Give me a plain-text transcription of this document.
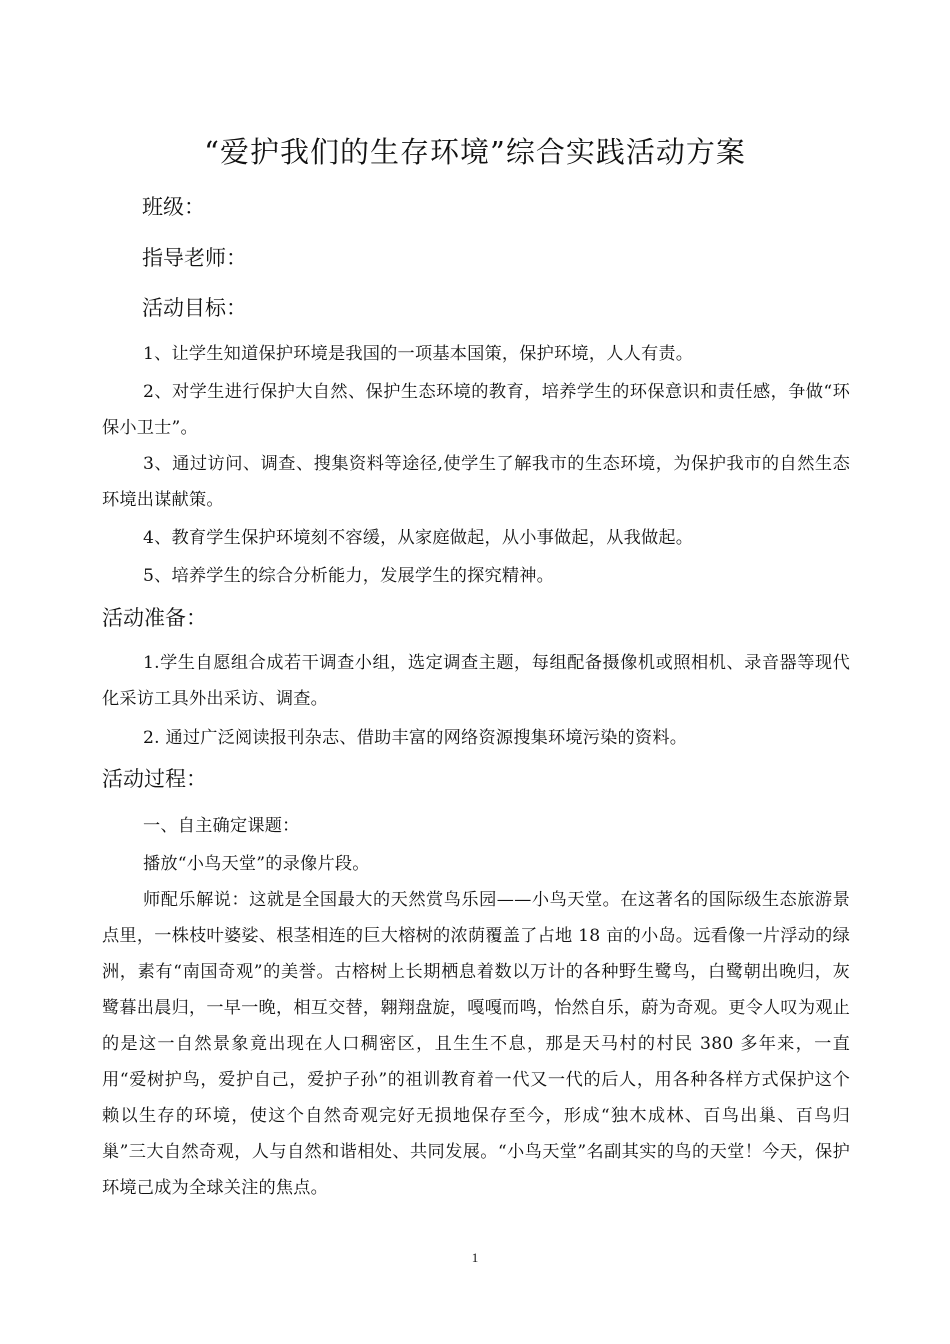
“爱护我们的生存环境”综合实践活动方案

班级：

指导老师：

活动目标：

1、让学生知道保护环境是我国的一项基本国策，保护环境，人人有责。

2、对学生进行保护大自然、保护生态环境的教育，培养学生的环保意识和责任感，争做“环保小卫士”。

3、通过访问、调查、搜集资料等途径,使学生了解我市的生态环境，为保护我市的自然生态环境出谋献策。

4、教育学生保护环境刻不容缓，从家庭做起，从小事做起，从我做起。

5、培养学生的综合分析能力，发展学生的探究精神。

活动准备：

1.学生自愿组合成若干调查小组，选定调查主题，每组配备摄像机或照相机、录音器等现代化采访工具外出采访、调查。

2. 通过广泛阅读报刊杂志、借助丰富的网络资源搜集环境污染的资料。

活动过程：

一、自主确定课题：

播放“小鸟天堂”的录像片段。

师配乐解说：这就是全国最大的天然赏鸟乐园——小鸟天堂。在这著名的国际级生态旅游景点里，一株枝叶婆娑、根茎相连的巨大榕树的浓荫覆盖了占地 18 亩的小岛。远看像一片浮动的绿洲，素有“南国奇观”的美誉。古榕树上长期栖息着数以万计的各种野生鹭鸟，白鹭朝出晚归，灰鹭暮出晨归，一早一晚，相互交替，翱翔盘旋，嘎嘎而鸣，怡然自乐，蔚为奇观。更令人叹为观止的是这一自然景象竟出现在人口稠密区，且生生不息，那是天马村的村民 380 多年来，一直用“爱树护鸟，爱护自己，爱护子孙”的祖训教育着一代又一代的后人，用各种各样方式保护这个赖以生存的环境，使这个自然奇观完好无损地保存至今，形成“独木成林、百鸟出巢、百鸟归巢”三大自然奇观，人与自然和谐相处、共同发展。“小鸟天堂”名副其实的鸟的天堂！今天，保护环境己成为全球关注的焦点。

1
